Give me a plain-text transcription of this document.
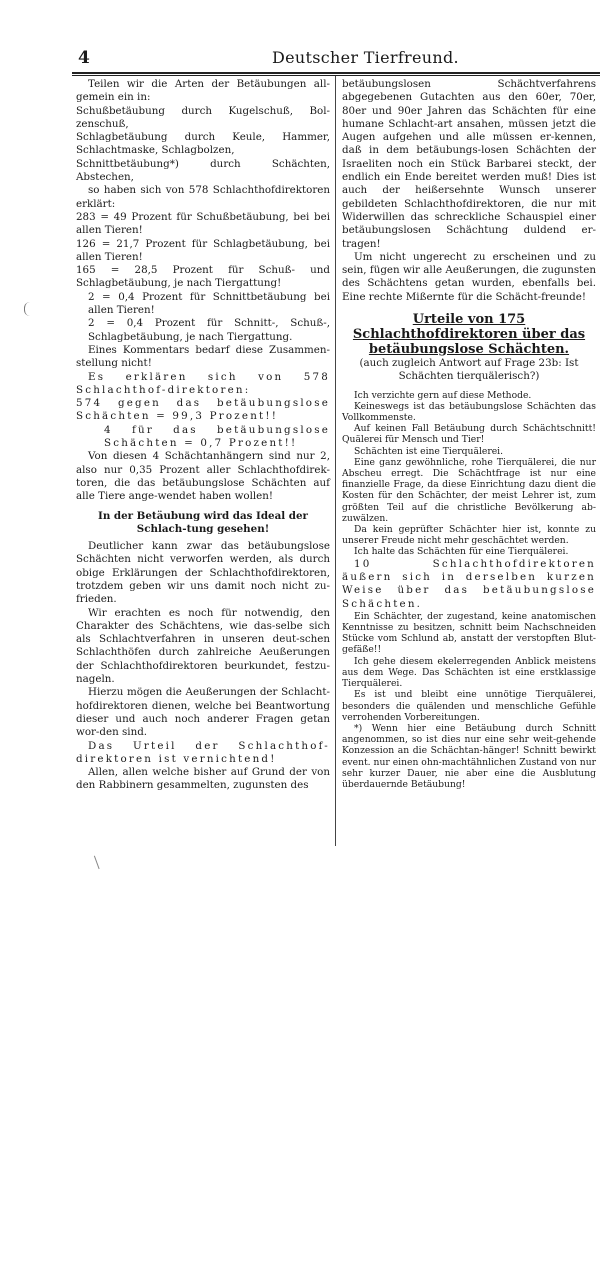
4	Deutscher Tierfreund.

Teilen wir die Arten der Betäubungen all-gemein ein in:

Schußbetäubung durch Kugelschuß, Bol-zenschuß,

Schlagbetäubung durch Keule, Hammer, Schlachtmaske, Schlagbolzen,

Schnittbetäubung*) durch Schächten, Abstechen,

so haben sich von 578 Schlachthofdirektoren erklärt:

283 = 49 Prozent für Schußbetäubung, bei bei allen Tieren!

126 = 21,7 Prozent für Schlagbetäubung, bei allen Tieren!

165 = 28,5 Prozent für Schuß- und Schlagbetäubung, je nach Tiergattung!

2 = 0,4 Prozent für Schnittbetäubung bei allen Tieren!

2 = 0,4 Prozent für Schnitt-, Schuß-, Schlagbetäubung, je nach Tiergattung.

Eines Kommentars bedarf diese Zusammen-stellung nicht!

Es erklären sich von 578 Schlachthof-direktoren:

574 gegen das betäubungslose Schächten = 99,3 Prozent!!

4 für das betäubungslose Schächten = 0,7 Prozent!!

Von diesen 4 Schächtanhängern sind nur 2, also nur 0,35 Prozent aller Schlachthofdirek-toren, die das betäubungslose Schächten auf alle Tiere ange-wendet haben wollen!

In der Betäubung wird das Ideal der Schlach-tung gesehen!

Deutlicher kann zwar das betäubungslose Schächten nicht verworfen werden, als durch obige Erklärungen der Schlachthofdirektoren, trotzdem geben wir uns damit noch nicht zu-frieden.

Wir erachten es noch für notwendig, den Charakter des Schächtens, wie das-selbe sich als Schlachtverfahren in unseren deut-schen Schlachthöfen durch zahlreiche Aeußerungen der Schlachthofdirektoren beurkundet, festzu-nageln.

Hierzu mögen die Aeußerungen der Schlacht-hofdirektoren dienen, welche bei Beantwortung dieser und auch noch anderer Fragen getan wor-den sind.

Das Urteil der Schlachthof-direktoren ist vernichtend!

Allen, allen welche bisher auf Grund der von den Rabbinern gesammelten, zugunsten des

betäubungslosen Schächtverfahrens abgegebenen Gutachten aus den 60er, 70er, 80er und 90er Jahren das Schächten für eine humane Schlacht-art ansahen, müssen jetzt die Augen aufgehen und alle müssen er-kennen, daß in dem betäubungs-losen Schächten der Israeliten noch ein Stück Barbarei steckt, der endlich ein Ende bereitet werden muß! Dies ist auch der heißersehnte Wunsch unserer gebildeten Schlachthofdirektoren, die nur mit Widerwillen das schreckliche Schauspiel einer betäubungslosen Schächtung duldend er-tragen!

Um nicht ungerecht zu erscheinen und zu sein, fügen wir alle Aeußerungen, die zugunsten des Schächtens getan wurden, ebenfalls bei. Eine rechte Mißernte für die Schächt-freunde!

Urteile von 175 Schlachthofdirektoren über das betäubungslose Schächten.

(auch zugleich Antwort auf Frage 23b: Ist Schächten tierquälerisch?)

Ich verzichte gern auf diese Methode.

Keineswegs ist das betäubungslose Schächten das Vollkommenste.

Auf keinen Fall Betäubung durch Schächtschnitt! Quälerei für Mensch und Tier!

Schächten ist eine Tierquälerei.

Eine ganz gewöhnliche, rohe Tierquälerei, die nur Abscheu erregt. Die Schächtfrage ist nur eine finanzielle Frage, da diese Einrichtung dazu dient die Kosten für den Schächter, der meist Lehrer ist, zum größten Teil auf die christliche Bevölkerung ab-zuwälzen.

Da kein geprüfter Schächter hier ist, konnte zu unserer Freude nicht mehr geschächtet werden.

Ich halte das Schächten für eine Tierquälerei.

10 Schlachthofdirektoren äußern sich in derselben kurzen Weise über das betäubungslose Schächten.

Ein Schächter, der zugestand, keine anatomischen Kenntnisse zu besitzen, schnitt beim Nachschneiden Stücke vom Schlund ab, anstatt der verstopften Blut-gefäße!!

Ich gehe diesem ekelerregenden Anblick meistens aus dem Wege. Das Schächten ist eine erstklassige Tierquälerei.

Es ist und bleibt eine unnötige Tierquälerei, besonders die quälenden und menschliche Gefühle verrohenden Vorbereitungen.

*) Wenn hier eine Betäubung durch Schnitt angenommen, so ist dies nur eine sehr weit-gehende Konzession an die Schächtan-hänger! Schnitt bewirkt event. nur einen ohn-machtähnlichen Zustand von nur sehr kurzer Dauer, nie aber eine die Ausblutung überdauernde Betäubung!
